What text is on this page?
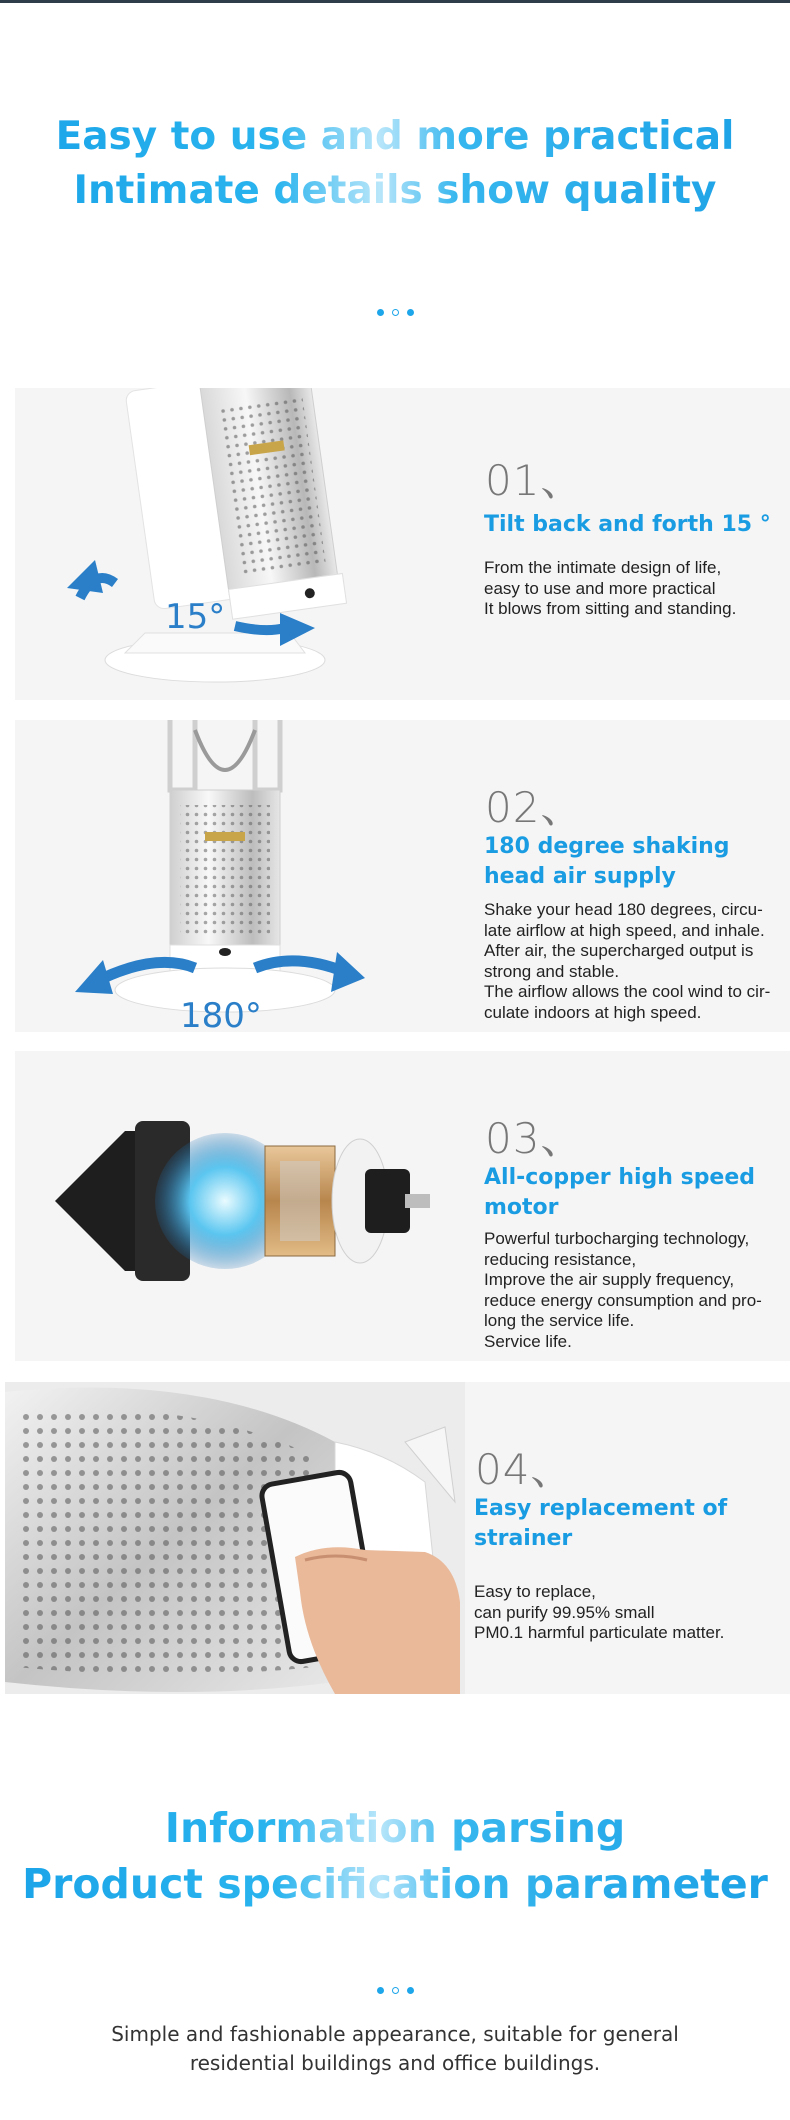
Easy to use and more practical
Intimate details show quality
15°
01、
Tilt back and forth 15 °
From the intimate design of life,
easy to use and more practical
It blows from sitting and standing.
180°
02、
180 degree shaking
head air supply
Shake your head 180 degrees, circu-
late airflow at high speed, and inhale.
After air, the supercharged output is
strong and stable.
The airflow allows the cool wind to cir-
culate indoors at high speed.
03、
All-copper high speed
motor
Powerful turbocharging technology,
reducing resistance,
Improve the air supply frequency,
reduce energy consumption and pro-
long the service life.
Service life.
04、
Easy replacement of
strainer
Easy to replace,
can purify 99.95% small
PM0.1 harmful particulate matter.
Information parsing
Product specification parameter
Simple and fashionable appearance, suitable for general
residential buildings and office buildings.
